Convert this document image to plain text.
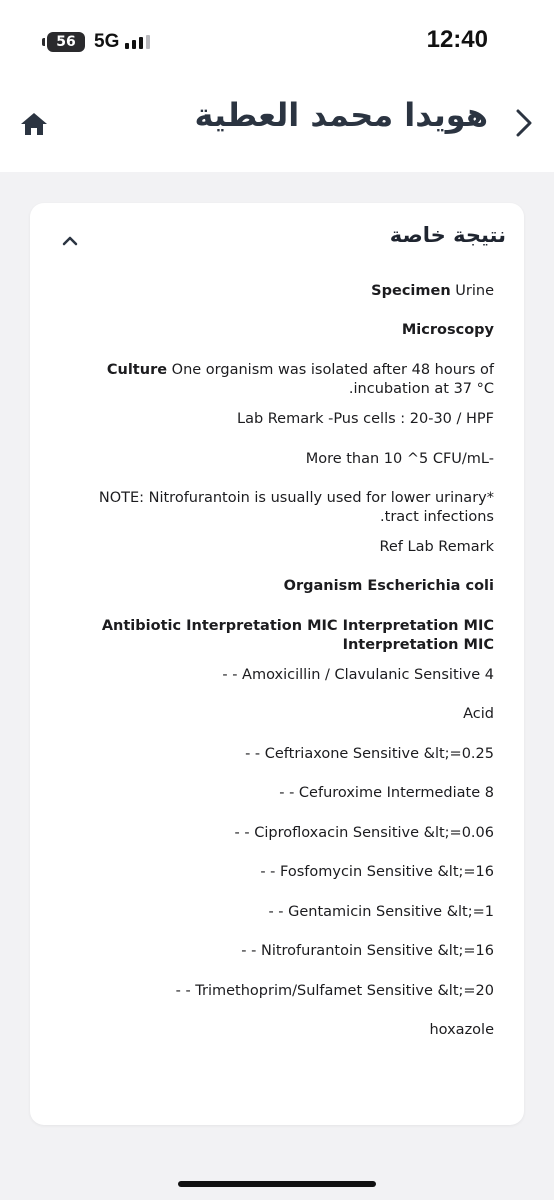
56 5G	12:40
هويدا محمد العطية
نتيجة خاصة
Specimen Urine
Microscopy
Culture One organism was isolated after 48 hours of
.incubation at 37 °C
Lab Remark -Pus cells : 20-30 / HPF
More than 10 ^5 CFU/mL-
NOTE: Nitrofurantoin is usually used for lower urinary*
.tract infections
Ref Lab Remark
Organism Escherichia coli
Antibiotic Interpretation MIC Interpretation MIC
Interpretation MIC
- - Amoxicillin / Clavulanic Sensitive 4
Acid
- - Ceftriaxone Sensitive &lt;=0.25
- - Cefuroxime Intermediate 8
- - Ciprofloxacin Sensitive &lt;=0.06
- - Fosfomycin Sensitive &lt;=16
- - Gentamicin Sensitive &lt;=1
- - Nitrofurantoin Sensitive &lt;=16
- - Trimethoprim/Sulfamet Sensitive &lt;=20
hoxazole
